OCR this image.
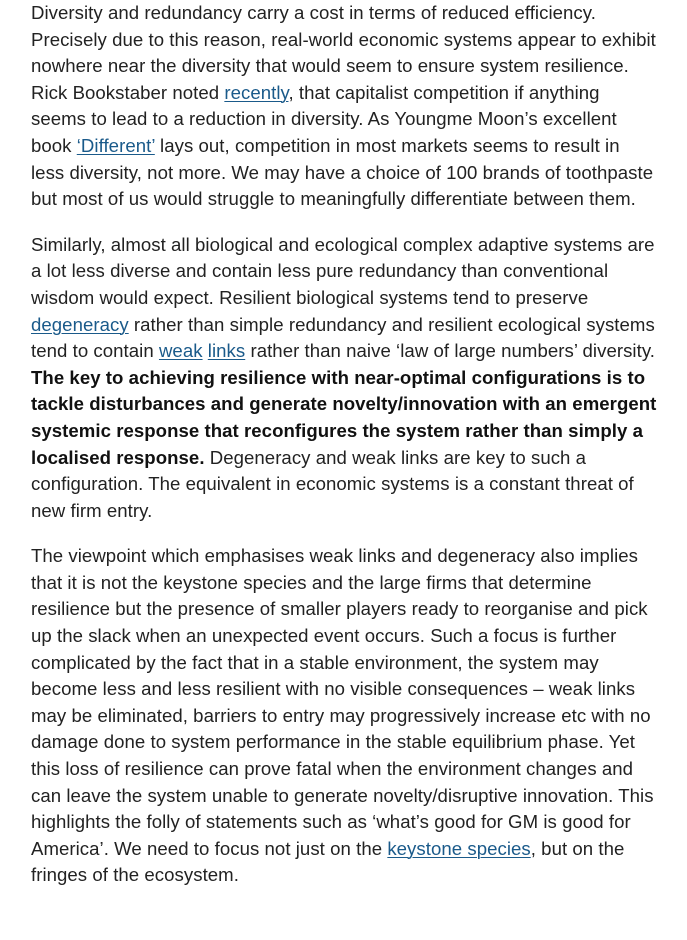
Diversity and redundancy carry a cost in terms of reduced efficiency. Precisely due to this reason, real-world economic systems appear to exhibit nowhere near the diversity that would seem to ensure system resilience. Rick Bookstaber noted recently, that capitalist competition if anything seems to lead to a reduction in diversity. As Youngme Moon’s excellent book ‘Different’ lays out, competition in most markets seems to result in less diversity, not more. We may have a choice of 100 brands of toothpaste but most of us would struggle to meaningfully differentiate between them.

Similarly, almost all biological and ecological complex adaptive systems are a lot less diverse and contain less pure redundancy than conventional wisdom would expect. Resilient biological systems tend to preserve degeneracy rather than simple redundancy and resilient ecological systems tend to contain weak links rather than naive ‘law of large numbers’ diversity. The key to achieving resilience with near-optimal configurations is to tackle disturbances and generate novelty/innovation with an emergent systemic response that reconfigures the system rather than simply a localised response. Degeneracy and weak links are key to such a configuration. The equivalent in economic systems is a constant threat of new firm entry.

The viewpoint which emphasises weak links and degeneracy also implies that it is not the keystone species and the large firms that determine resilience but the presence of smaller players ready to reorganise and pick up the slack when an unexpected event occurs. Such a focus is further complicated by the fact that in a stable environment, the system may become less and less resilient with no visible consequences – weak links may be eliminated, barriers to entry may progressively increase etc with no damage done to system performance in the stable equilibrium phase. Yet this loss of resilience can prove fatal when the environment changes and can leave the system unable to generate novelty/disruptive innovation. This highlights the folly of statements such as ‘what’s good for GM is good for America’. We need to focus not just on the keystone species, but on the fringes of the ecosystem.
